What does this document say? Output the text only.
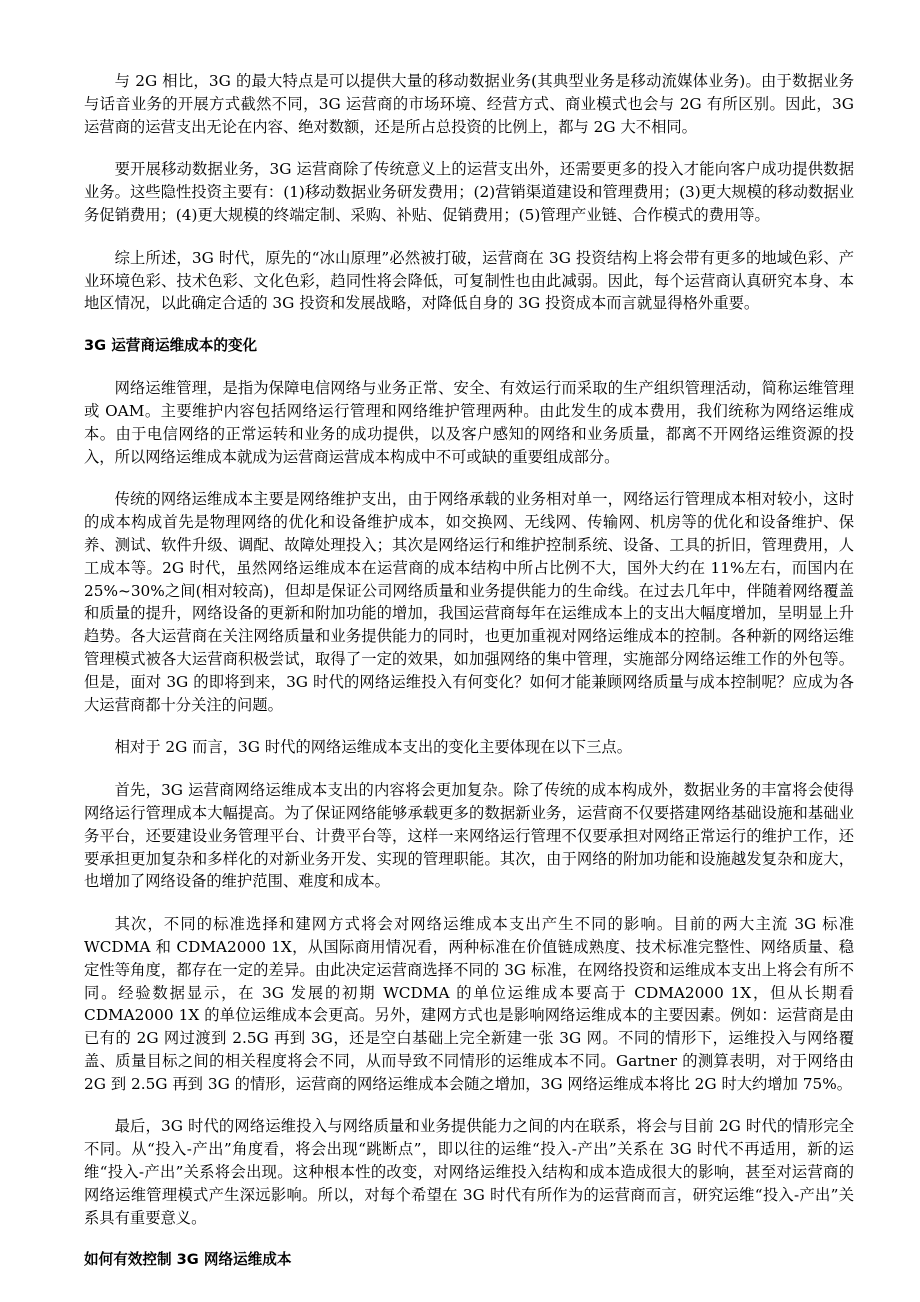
与 2G 相比，3G 的最大特点是可以提供大量的移动数据业务(其典型业务是移动流媒体业务)。由于数据业务与话音业务的开展方式截然不同，3G 运营商的市场环境、经营方式、商业模式也会与 2G 有所区别。因此，3G 运营商的运营支出无论在内容、绝对数额，还是所占总投资的比例上，都与 2G 大不相同。

要开展移动数据业务，3G 运营商除了传统意义上的运营支出外，还需要更多的投入才能向客户成功提供数据业务。这些隐性投资主要有：(1)移动数据业务研发费用；(2)营销渠道建设和管理费用；(3)更大规模的移动数据业务促销费用；(4)更大规模的终端定制、采购、补贴、促销费用；(5)管理产业链、合作模式的费用等。

综上所述，3G 时代，原先的“冰山原理”必然被打破，运营商在 3G 投资结构上将会带有更多的地域色彩、产业环境色彩、技术色彩、文化色彩，趋同性将会降低，可复制性也由此减弱。因此，每个运营商认真研究本身、本地区情况，以此确定合适的 3G 投资和发展战略，对降低自身的 3G 投资成本而言就显得格外重要。

3G 运营商运维成本的变化

网络运维管理，是指为保障电信网络与业务正常、安全、有效运行而采取的生产组织管理活动，简称运维管理或 OAM。主要维护内容包括网络运行管理和网络维护管理两种。由此发生的成本费用，我们统称为网络运维成本。由于电信网络的正常运转和业务的成功提供，以及客户感知的网络和业务质量，都离不开网络运维资源的投入，所以网络运维成本就成为运营商运营成本构成中不可或缺的重要组成部分。

传统的网络运维成本主要是网络维护支出，由于网络承载的业务相对单一，网络运行管理成本相对较小，这时的成本构成首先是物理网络的优化和设备维护成本，如交换网、无线网、传输网、机房等的优化和设备维护、保养、测试、软件升级、调配、故障处理投入；其次是网络运行和维护控制系统、设备、工具的折旧，管理费用，人工成本等。2G 时代，虽然网络运维成本在运营商的成本结构中所占比例不大，国外大约在 11%左右，而国内在 25%~30%之间(相对较高)，但却是保证公司网络质量和业务提供能力的生命线。在过去几年中，伴随着网络覆盖和质量的提升，网络设备的更新和附加功能的增加，我国运营商每年在运维成本上的支出大幅度增加，呈明显上升趋势。各大运营商在关注网络质量和业务提供能力的同时，也更加重视对网络运维成本的控制。各种新的网络运维管理模式被各大运营商积极尝试，取得了一定的效果，如加强网络的集中管理，实施部分网络运维工作的外包等。但是，面对 3G 的即将到来，3G 时代的网络运维投入有何变化？如何才能兼顾网络质量与成本控制呢？应成为各大运营商都十分关注的问题。

相对于 2G 而言，3G 时代的网络运维成本支出的变化主要体现在以下三点。

首先，3G 运营商网络运维成本支出的内容将会更加复杂。除了传统的成本构成外，数据业务的丰富将会使得网络运行管理成本大幅提高。为了保证网络能够承载更多的数据新业务，运营商不仅要搭建网络基础设施和基础业务平台，还要建设业务管理平台、计费平台等，这样一来网络运行管理不仅要承担对网络正常运行的维护工作，还要承担更加复杂和多样化的对新业务开发、实现的管理职能。其次，由于网络的附加功能和设施越发复杂和庞大，也增加了网络设备的维护范围、难度和成本。

其次，不同的标准选择和建网方式将会对网络运维成本支出产生不同的影响。目前的两大主流 3G 标准 WCDMA 和 CDMA2000 1X，从国际商用情况看，两种标准在价值链成熟度、技术标准完整性、网络质量、稳定性等角度，都存在一定的差异。由此决定运营商选择不同的 3G 标准，在网络投资和运维成本支出上将会有所不同。经验数据显示，在 3G 发展的初期 WCDMA 的单位运维成本要高于 CDMA2000 1X，但从长期看 CDMA2000 1X 的单位运维成本会更高。另外，建网方式也是影响网络运维成本的主要因素。例如：运营商是由已有的 2G 网过渡到 2.5G 再到 3G，还是空白基础上完全新建一张 3G 网。不同的情形下，运维投入与网络覆盖、质量目标之间的相关程度将会不同，从而导致不同情形的运维成本不同。Gartner 的测算表明，对于网络由 2G 到 2.5G 再到 3G 的情形，运营商的网络运维成本会随之增加，3G 网络运维成本将比 2G 时大约增加 75%。

最后，3G 时代的网络运维投入与网络质量和业务提供能力之间的内在联系，将会与目前 2G 时代的情形完全不同。从“投入-产出”角度看，将会出现“跳断点”，即以往的运维“投入-产出”关系在 3G 时代不再适用，新的运维“投入-产出”关系将会出现。这种根本性的改变，对网络运维投入结构和成本造成很大的影响，甚至对运营商的网络运维管理模式产生深远影响。所以，对每个希望在 3G 时代有所作为的运营商而言，研究运维“投入-产出”关系具有重要意义。

如何有效控制 3G 网络运维成本
